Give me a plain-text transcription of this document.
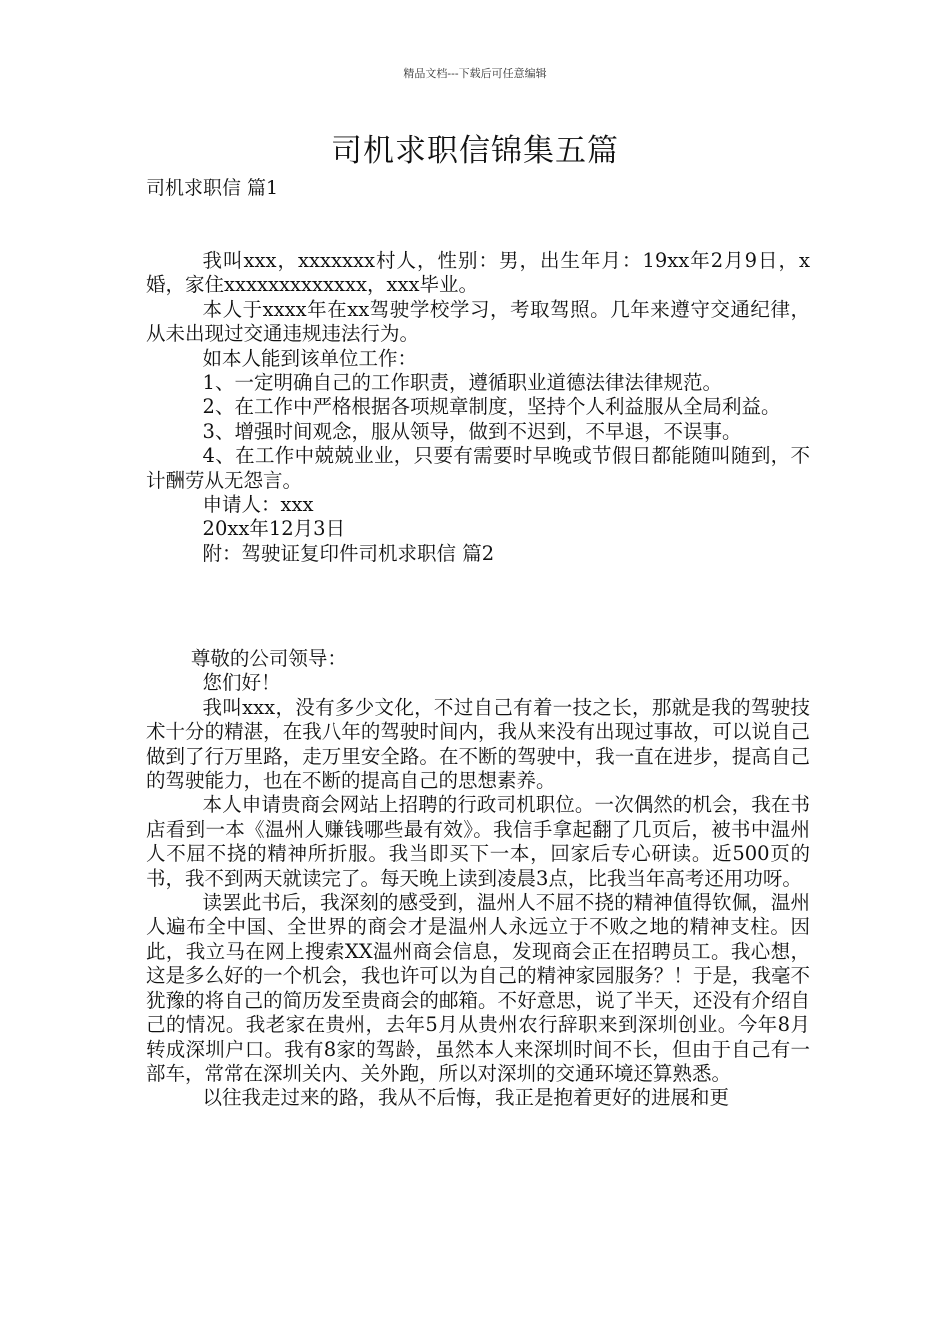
精品文档---下载后可任意编辑
司机求职信锦集五篇
司机求职信 篇1

我叫xxx，xxxxxxx村人，性别：男，出生年月：19xx年2月9日，x婚，家住xxxxxxxxxxxxx，xxx毕业。

本人于xxxx年在xx驾驶学校学习，考取驾照。几年来遵守交通纪律，从未出现过交通违规违法行为。

如本人能到该单位工作：

1、一定明确自己的工作职责，遵循职业道德法律法律规范。

2、在工作中严格根据各项规章制度，坚持个人利益服从全局利益。

3、增强时间观念，服从领导，做到不迟到，不早退，不误事。

4、在工作中兢兢业业，只要有需要时早晚或节假日都能随叫随到，不计酬劳从无怨言。

申请人：xxx

20xx年12月3日

附：驾驶证复印件司机求职信 篇2

尊敬的公司领导：

您们好！

我叫xxx，没有多少文化，不过自己有着一技之长，那就是我的驾驶技术十分的精湛，在我八年的驾驶时间内，我从来没有出现过事故，可以说自己做到了行万里路，走万里安全路。在不断的驾驶中，我一直在进步，提高自己的驾驶能力，也在不断的提高自己的思想素养。

本人申请贵商会网站上招聘的行政司机职位。一次偶然的机会，我在书店看到一本《温州人赚钱哪些最有效》。我信手拿起翻了几页后，被书中温州人不屈不挠的精神所折服。我当即买下一本，回家后专心研读。近500页的书，我不到两天就读完了。每天晚上读到凌晨3点，比我当年高考还用功呀。

读罢此书后，我深刻的感受到，温州人不屈不挠的精神值得钦佩，温州人遍布全中国、全世界的商会才是温州人永远立于不败之地的精神支柱。因此，我立马在网上搜索XX温州商会信息，发现商会正在招聘员工。我心想，这是多么好的一个机会，我也许可以为自己的精神家园服务？！于是，我毫不犹豫的将自己的简历发至贵商会的邮箱。不好意思，说了半天，还没有介绍自己的情况。我老家在贵州，去年5月从贵州农行辞职来到深圳创业。今年8月转成深圳户口。我有8家的驾龄，虽然本人来深圳时间不长，但由于自己有一部车，常常在深圳关内、关外跑，所以对深圳的交通环境还算熟悉。

以往我走过来的路，我从不后悔，我正是抱着更好的进展和更
